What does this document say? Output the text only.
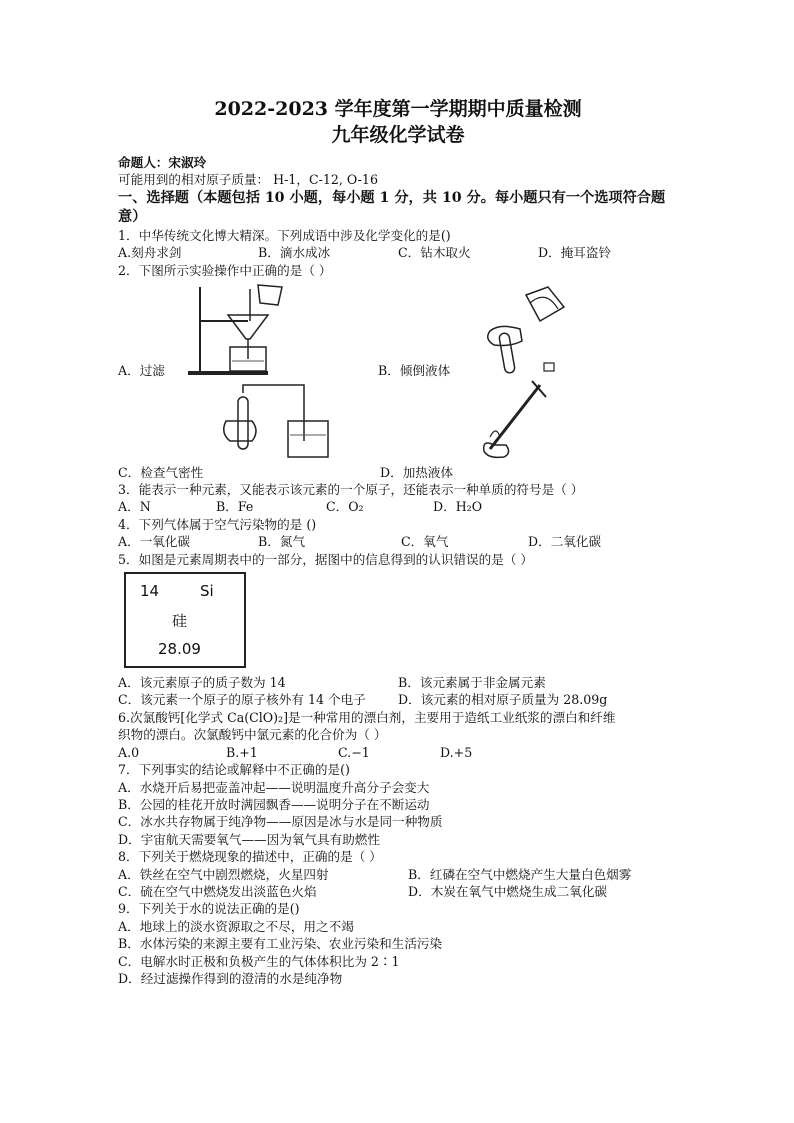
2022-2023 学年度第一学期期中质量检测
九年级化学试卷
命题人：宋淑玲
可能用到的相对原子质量： H-1，C-12, O-16
一、选择题（本题包括 10 小题，每小题 1 分，共 10 分。每小题只有一个选项符合题意）
1．中华传统文化博大精深。下列成语中涉及化学变化的是()
A.刻舟求剑	B．滴水成冰	C．钻木取火	D．掩耳盗铃
2．下图所示实验操作中正确的是（ ）
A．过滤	B．倾倒液体
C．检查气密性	D．加热液体
3．能表示一种元素，又能表示该元素的一个原子，还能表示一种单质的符号是（ ）
A．N	B．Fe	C．O₂	D．H₂O
4．下列气体属于空气污染物的是 ()
A．一氧化碳	B．氮气	C．氧气	D．二氧化碳
5．如图是元素周期表中的一部分，据图中的信息得到的认识错误的是（ ）
14	Si
硅
28.09
A．该元素原子的质子数为 14	B．该元素属于非金属元素
C．该元素一个原子的原子核外有 14 个电子	D．该元素的相对原子质量为 28.09g
6.次氯酸钙[化学式 Ca(ClO)₂]是一种常用的漂白剂，主要用于造纸工业纸浆的漂白和纤维
织物的漂白。次氯酸钙中氯元素的化合价为（ ）
A.0	B.+1	C.−1	D.+5
7．下列事实的结论或解释中不正确的是()
A．水烧开后易把壶盖冲起——说明温度升高分子会变大
B．公园的桂花开放时满园飘香——说明分子在不断运动
C．冰水共存物属于纯净物——原因是冰与水是同一种物质
D．宇宙航天需要氧气——因为氧气具有助燃性
8．下列关于燃烧现象的描述中，正确的是（ ）
A．铁丝在空气中剧烈燃烧，火星四射	B．红磷在空气中燃烧产生大量白色烟雾
C．硫在空气中燃烧发出淡蓝色火焰	D．木炭在氧气中燃烧生成二氧化碳
9．下列关于水的说法正确的是()
A．地球上的淡水资源取之不尽，用之不竭
B．水体污染的来源主要有工业污染、农业污染和生活污染
C．电解水时正极和负极产生的气体体积比为 2∶1
D．经过滤操作得到的澄清的水是纯净物
